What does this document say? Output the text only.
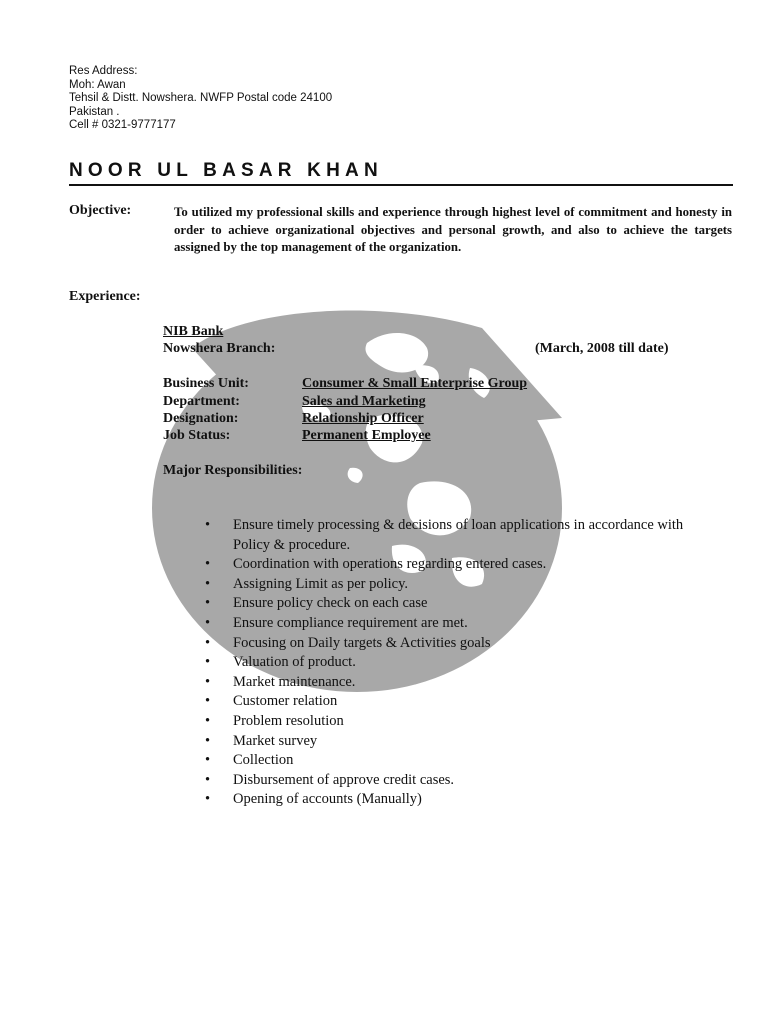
Res Address:
Moh: Awan
Tehsil & Distt. Nowshera. NWFP Postal code 24100
Pakistan .
Cell # 0321-9777177
NOOR UL BASAR KHAN
Objective:	To utilized my professional skills and experience through highest level of commitment and honesty in order to achieve organizational objectives and personal growth, and also to achieve the targets assigned by the top management of the organization.
Experience:
NIB Bank
Nowshera Branch:	(March, 2008 till date)
Business Unit:	Consumer & Small Enterprise Group
Department:	Sales and Marketing
Designation:	Relationship Officer
Job Status:	Permanent Employee
Major Responsibilities:
• Ensure timely processing & decisions of loan applications in accordance with Policy & procedure.
• Coordination with operations regarding entered cases.
• Assigning Limit as per policy.
• Ensure policy check on each case
• Ensure compliance requirement are met.
• Focusing on Daily targets & Activities goals
• Valuation of product.
• Market maintenance.
• Customer relation
• Problem resolution
• Market survey
• Collection
• Disbursement of approve credit cases.
• Opening of accounts (Manually)
